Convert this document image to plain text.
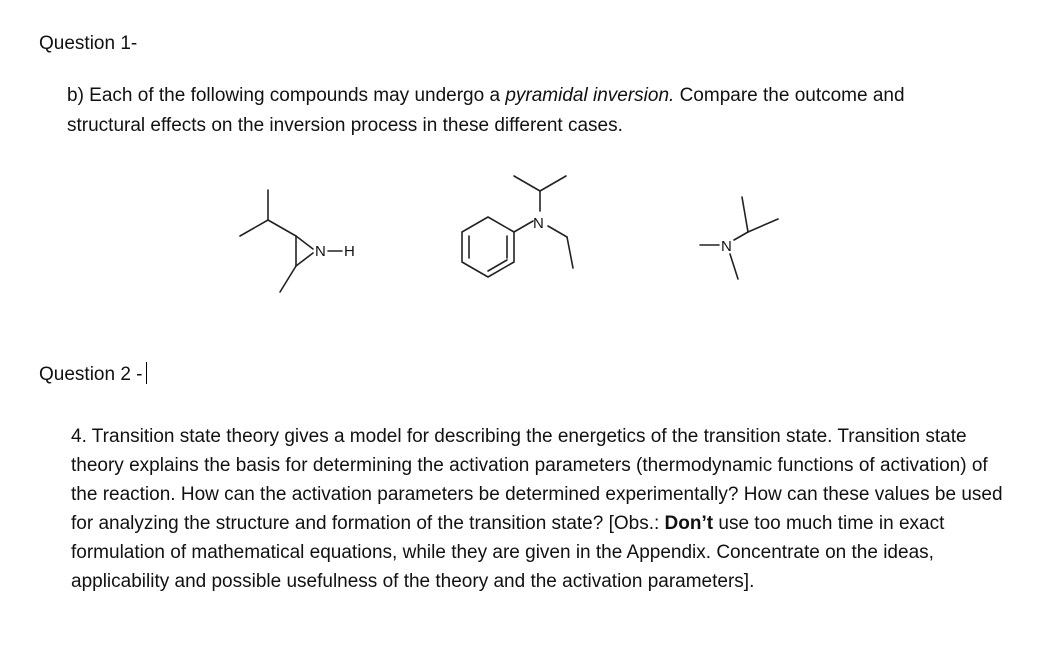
Question 1-

b) Each of the following compounds may undergo a pyramidal inversion. Compare the outcome and structural effects on the inversion process in these different cases.

N H
N
N
Question 2 -

4. Transition state theory gives a model for describing the energetics of the transition state. Transition state theory explains the basis for determining the activation parameters (thermodynamic functions of activation) of the reaction. How can the activation parameters be determined experimentally? How can these values be used for analyzing the structure and formation of the transition state? [Obs.: Don’t use too much time in exact formulation of mathematical equations, while they are given in the Appendix. Concentrate on the ideas, applicability and possible usefulness of the theory and the activation parameters].
